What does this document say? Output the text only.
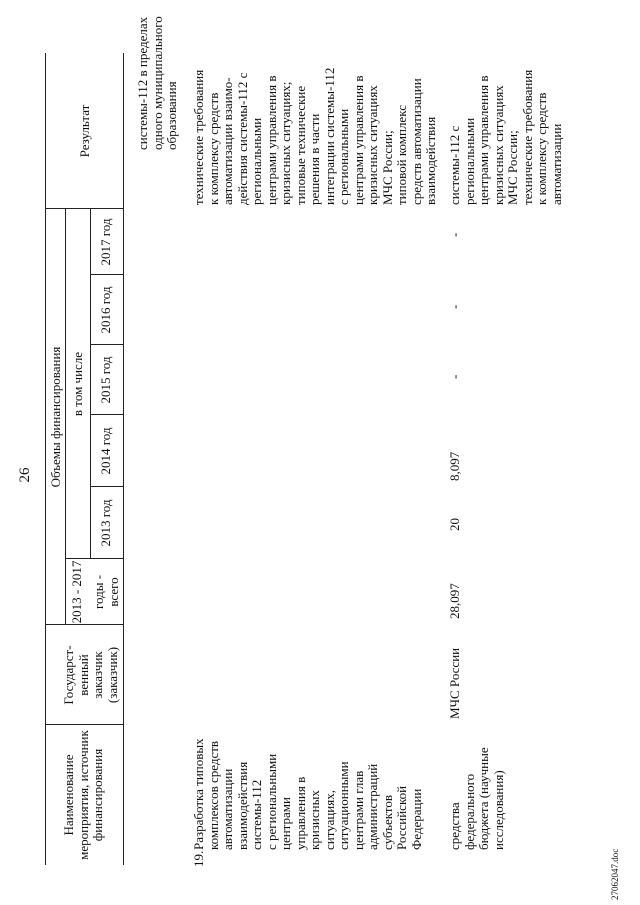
26
Наименование
мероприятия, источник
финансирования
Государст-
венный
заказчик
(заказчик)
Объемы финансирования
2013 - 2017 годы -
всего
в том числе
2013 год
2014 год
2015 год
2016 год
2017 год
Результат	системы-112 в пределах
одного муниципального
образования
19.
Разработка типовых
комплексов средств
автоматизации
взаимодействия
системы-112
с региональными
центрами
управления в
кризисных
ситуациях,
ситуационными
центрами глав
администраций
субъектов
Российской
Федерации средства
федерального
бюджета (научные
исследования)
МЧС России
28,097
20
8,097
-
-
-
технические требования
к комплексу средств
автоматизации взаимо-
действия системы-112 с
региональными
центрами управления в
кризисных ситуациях;
типовые технические
решения в части
интеграции системы-112
с региональными
центрами управления в
кризисных ситуациях
МЧС России;
типовой комплекс
средств автоматизации
взаимодействия системы-112 с
региональными
центрами управления в
кризисных ситуациях
МЧС России;
технические требования
к комплексу средств
автоматизации
27062047.doc
